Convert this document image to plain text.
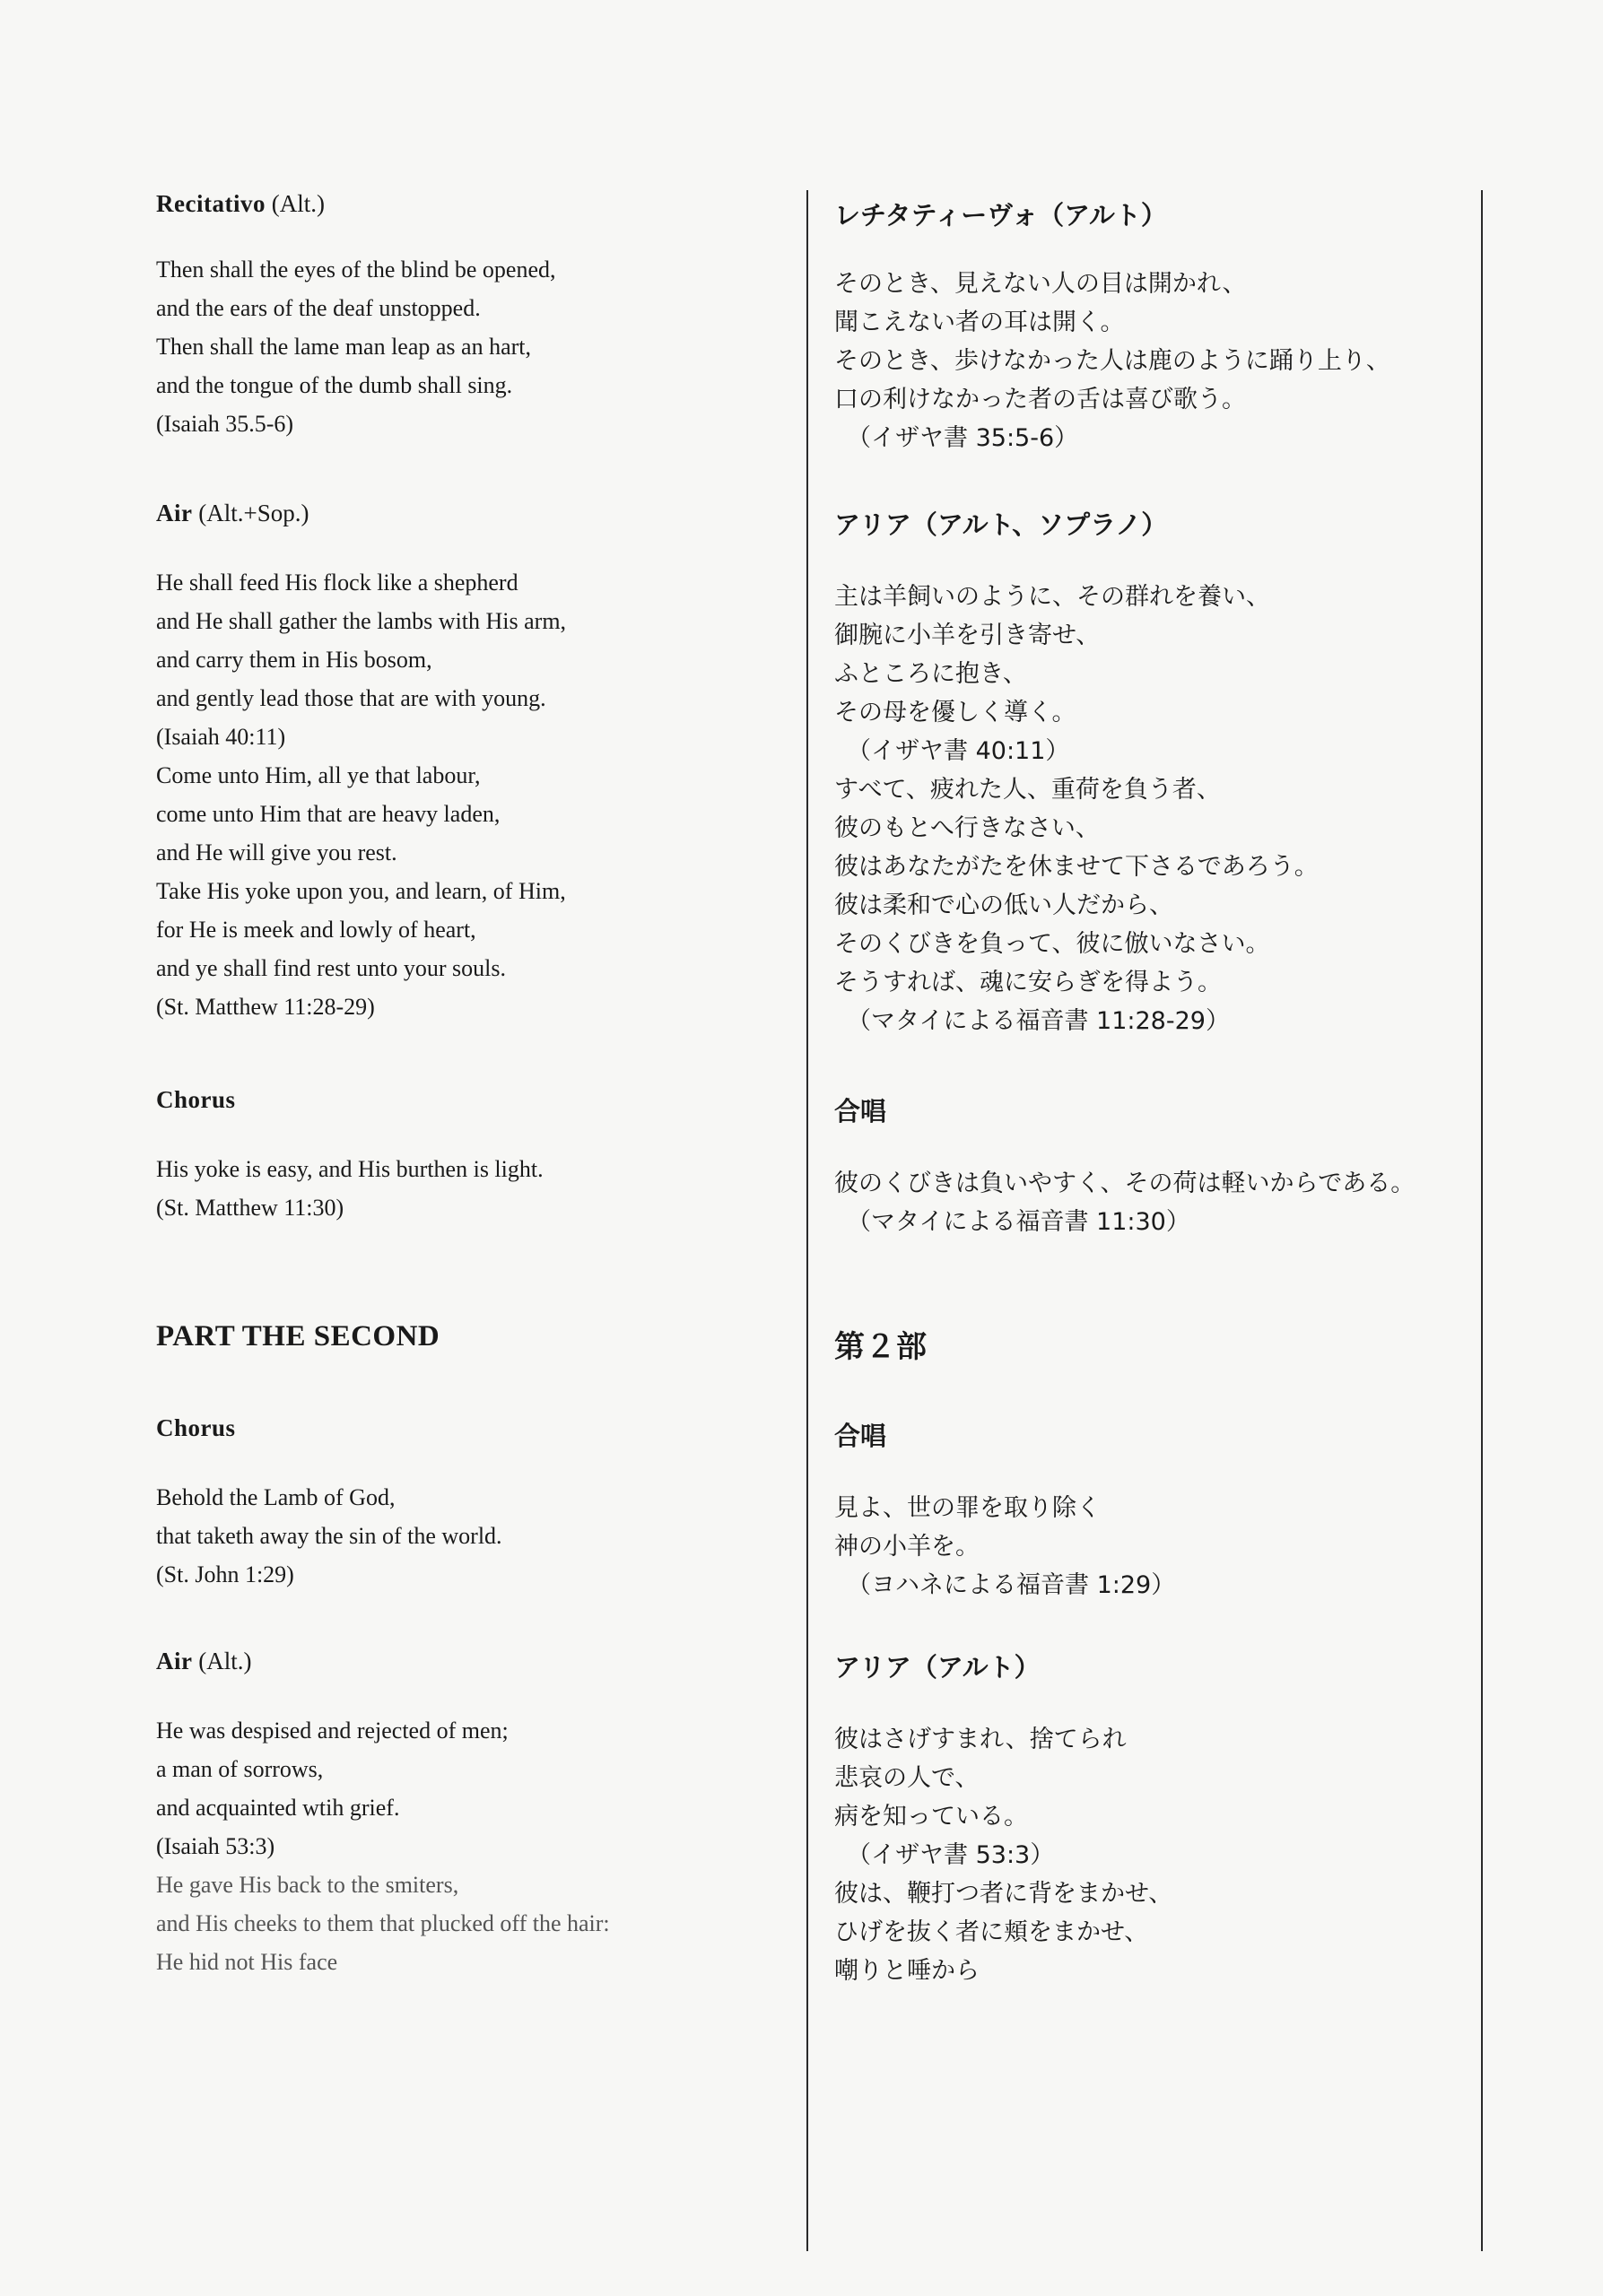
Recitativo (Alt.)
Then shall the eyes of the blind be opened,
and the ears of the deaf unstopped.
Then shall the lame man leap as an hart,
and the tongue of the dumb shall sing.
(Isaiah 35.5-6)
Air (Alt.+Sop.)
He shall feed His flock like a shepherd
and He shall gather the lambs with His arm,
and carry them in His bosom,
and gently lead those that are with young.
(Isaiah 40:11)
Come unto Him, all ye that labour,
come unto Him that are heavy laden,
and He will give you rest.
Take His yoke upon you, and learn, of Him,
for He is meek and lowly of heart,
and ye shall find rest unto your souls.
(St. Matthew 11:28-29)
Chorus
His yoke is easy, and His burthen is light.
(St. Matthew 11:30)
PART THE SECOND
Chorus
Behold the Lamb of God,
that taketh away the sin of the world.
(St. John 1:29)
Air (Alt.)
He was despised and rejected of men;
a man of sorrows,
and acquainted wtih grief.
(Isaiah 53:3)
He gave His back to the smiters,
and His cheeks to them that plucked off the hair:
He hid not His face
レチタティーヴォ（アルト）
そのとき、見えない人の目は開かれ、
聞こえない者の耳は開く。
そのとき、歩けなかった人は鹿のように踊り上り、
口の利けなかった者の舌は喜び歌う。
（イザヤ書 35:5-6）
アリア（アルト、ソプラノ）
主は羊飼いのように、その群れを養い、
御腕に小羊を引き寄せ、
ふところに抱き、
その母を優しく導く。
（イザヤ書 40:11）
すべて、疲れた人、重荷を負う者、
彼のもとへ行きなさい、
彼はあなたがたを休ませて下さるであろう。
彼は柔和で心の低い人だから、
そのくびきを負って、彼に倣いなさい。
そうすれば、魂に安らぎを得よう。
（マタイによる福音書 11:28-29）
合唱
彼のくびきは負いやすく、その荷は軽いからである。
（マタイによる福音書 11:30）
第２部
合唱
見よ、世の罪を取り除く
神の小羊を。
（ヨハネによる福音書 1:29）
アリア（アルト）
彼はさげすまれ、捨てられ
悲哀の人で、
病を知っている。
（イザヤ書 53:3）
彼は、鞭打つ者に背をまかせ、
ひげを抜く者に頬をまかせ、
嘲りと唾から
